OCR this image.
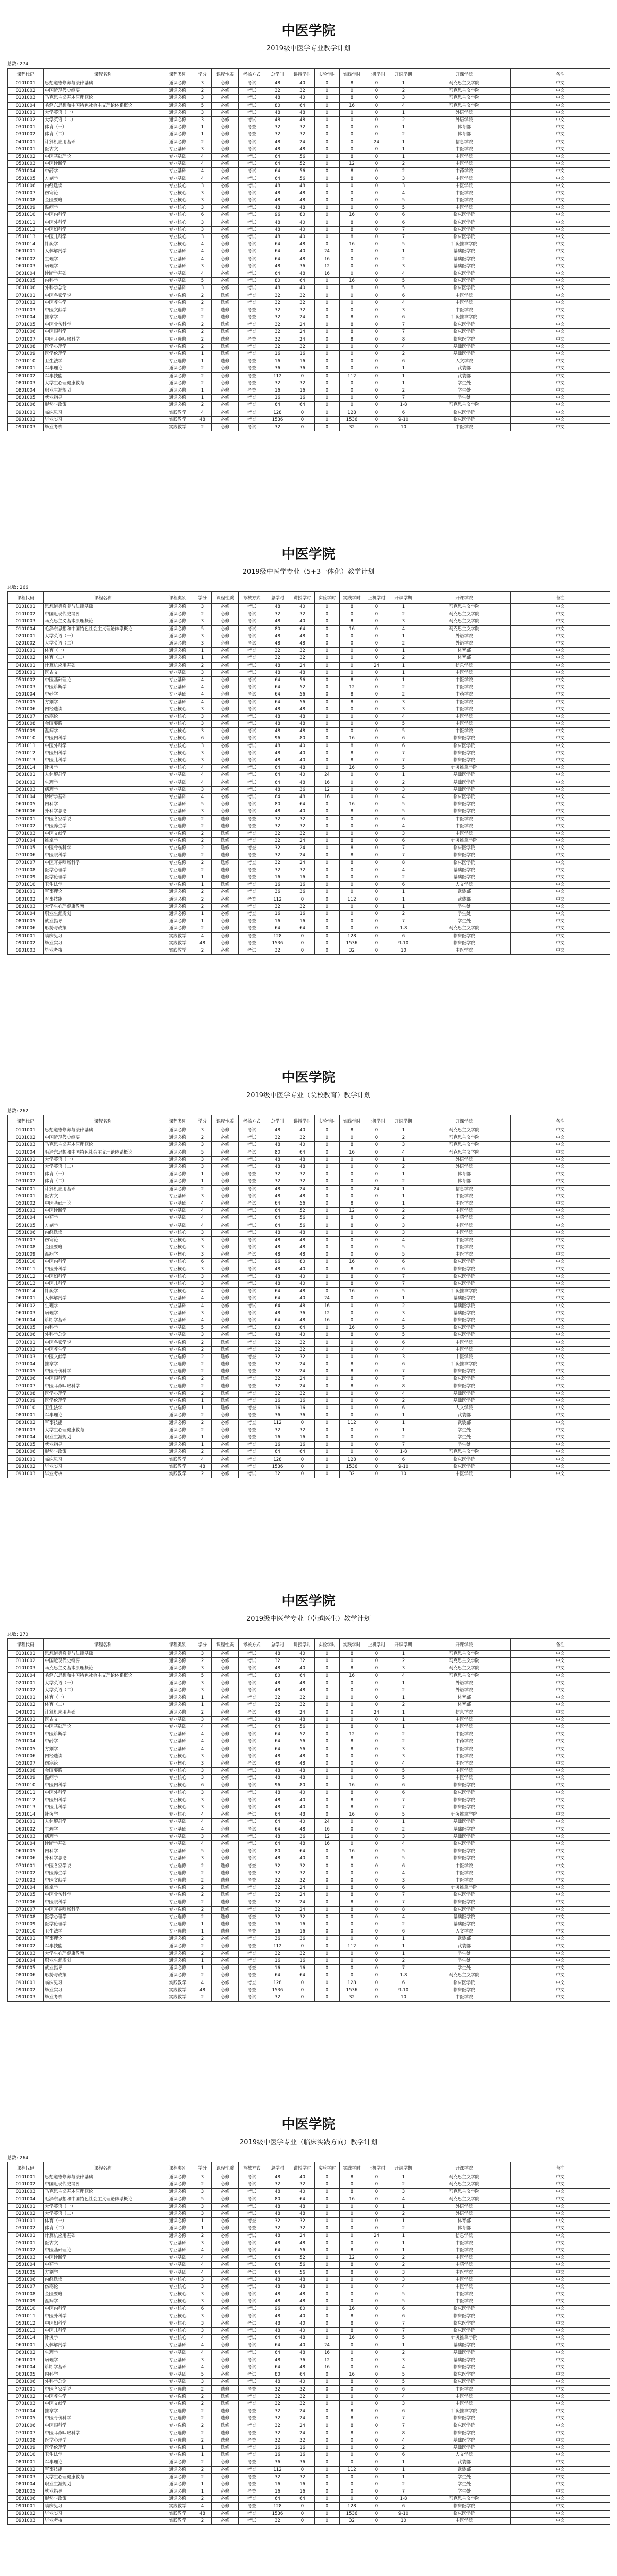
中医学院
2019级中医学专业教学计划
总数: 274
课程代码	课程名称	课程类别	学分	课程性质	考核方式	总学时	讲授学时	实验学时	实践学时	上机学时	开课学期	开课学院	备注
0101001	思想道德修养与法律基础	通识必修	3	必修	考试	48	40	0	8	0	1	马克思主义学院	中文
0101002	中国近现代史纲要	通识必修	2	必修	考试	32	32	0	0	0	2	马克思主义学院	中文
0101003	马克思主义基本原理概论	通识必修	3	必修	考试	48	40	0	8	0	3	马克思主义学院	中文
0101004	毛泽东思想和中国特色社会主义理论体系概论	通识必修	5	必修	考试	80	64	0	16	0	4	马克思主义学院	中文
0201001	大学英语（一）	通识必修	3	必修	考试	48	48	0	0	0	1	外语学院	中文
0201002	大学英语（二）	通识必修	3	必修	考试	48	48	0	0	0	2	外语学院	中文
0301001	体育（一）	通识必修	1	必修	考查	32	32	0	0	0	1	体育部	中文
0301002	体育（二）	通识必修	1	必修	考查	32	32	0	0	0	2	体育部	中文
0401001	计算机应用基础	通识必修	2	必修	考试	48	24	0	0	24	1	信息学院	中文
0501001	医古文	专业基础	3	必修	考试	48	48	0	0	0	1	中医学院	中文
0501002	中医基础理论	专业基础	4	必修	考试	64	56	0	8	0	1	中医学院	中文
0501003	中医诊断学	专业基础	4	必修	考试	64	52	0	12	0	2	中医学院	中文
0501004	中药学	专业基础	4	必修	考试	64	56	0	8	0	2	中药学院	中文
0501005	方剂学	专业基础	4	必修	考试	64	56	0	8	0	3	中医学院	中文
0501006	内经选读	专业核心	3	必修	考试	48	48	0	0	0	3	中医学院	中文
0501007	伤寒论	专业核心	3	必修	考试	48	48	0	0	0	4	中医学院	中文
0501008	金匮要略	专业核心	3	必修	考试	48	48	0	0	0	5	中医学院	中文
0501009	温病学	专业核心	3	必修	考试	48	48	0	0	0	5	中医学院	中文
0501010	中医内科学	专业核心	6	必修	考试	96	80	0	16	0	6	临床医学院	中文
0501011	中医外科学	专业核心	3	必修	考试	48	40	0	8	0	6	临床医学院	中文
0501012	中医妇科学	专业核心	3	必修	考试	48	40	0	8	0	7	临床医学院	中文
0501013	中医儿科学	专业核心	3	必修	考试	48	40	0	8	0	7	临床医学院	中文
0501014	针灸学	专业核心	4	必修	考试	64	48	0	16	0	5	针灸推拿学院	中文
0601001	人体解剖学	专业基础	4	必修	考试	64	40	24	0	0	1	基础医学院	中文
0601002	生理学	专业基础	4	必修	考试	64	48	16	0	0	2	基础医学院	中文
0601003	病理学	专业基础	3	必修	考试	48	36	12	0	0	3	基础医学院	中文
0601004	诊断学基础	专业基础	4	必修	考试	64	48	16	0	0	4	临床医学院	中文
0601005	内科学	专业基础	5	必修	考试	80	64	0	16	0	5	临床医学院	中文
0601006	外科学总论	专业基础	3	必修	考试	48	40	0	8	0	5	临床医学院	中文
0701001	中医各家学说	专业选修	2	选修	考查	32	32	0	0	0	6	中医学院	中文
0701002	中医养生学	专业选修	2	选修	考查	32	32	0	0	0	4	中医学院	中文
0701003	中医文献学	专业选修	2	选修	考查	32	32	0	0	0	3	中医学院	中文
0701004	推拿学	专业选修	2	选修	考查	32	24	0	8	0	6	针灸推拿学院	中文
0701005	中医骨伤科学	专业选修	2	选修	考查	32	24	0	8	0	7	临床医学院	中文
0701006	中医眼科学	专业选修	2	选修	考查	32	24	0	8	0	7	临床医学院	中文
0701007	中医耳鼻咽喉科学	专业选修	2	选修	考查	32	24	0	8	0	8	临床医学院	中文
0701008	医学心理学	专业选修	2	选修	考查	32	32	0	0	0	4	基础医学院	中文
0701009	医学伦理学	专业选修	1	选修	考查	16	16	0	0	0	2	基础医学院	中文
0701010	卫生法学	专业选修	1	选修	考查	16	16	0	0	0	6	人文学院	中文
0801001	军事理论	通识必修	2	必修	考查	36	36	0	0	0	1	武装部	中文
0801002	军事技能	通识必修	2	必修	考查	112	0	0	112	0	1	武装部	中文
0801003	大学生心理健康教育	通识必修	2	必修	考查	32	32	0	0	0	1	学生处	中文
0801004	职业生涯规划	通识必修	1	必修	考查	16	16	0	0	0	2	学生处	中文
0801005	就业指导	通识必修	1	必修	考查	16	16	0	0	0	7	学生处	中文
0801006	形势与政策	通识必修	2	必修	考查	64	64	0	0	0	1-8	马克思主义学院	中文
0901001	临床见习	实践教学	4	必修	考查	128	0	0	128	0	6	临床医学院	中文
0901002	毕业实习	实践教学	48	必修	考查	1536	0	0	1536	0	9-10	临床医学院	中文
0901003	毕业考核	实践教学	2	必修	考试	32	0	0	32	0	10	中医学院	中文
中医学院
2019级中医学专业（5+3一体化）教学计划
总数: 266
课程代码	课程名称	课程类别	学分	课程性质	考核方式	总学时	讲授学时	实验学时	实践学时	上机学时	开课学期	开课学院	备注
0101001	思想道德修养与法律基础	通识必修	3	必修	考试	48	40	0	8	0	1	马克思主义学院	中文
0101002	中国近现代史纲要	通识必修	2	必修	考试	32	32	0	0	0	2	马克思主义学院	中文
0101003	马克思主义基本原理概论	通识必修	3	必修	考试	48	40	0	8	0	3	马克思主义学院	中文
0101004	毛泽东思想和中国特色社会主义理论体系概论	通识必修	5	必修	考试	80	64	0	16	0	4	马克思主义学院	中文
0201001	大学英语（一）	通识必修	3	必修	考试	48	48	0	0	0	1	外语学院	中文
0201002	大学英语（二）	通识必修	3	必修	考试	48	48	0	0	0	2	外语学院	中文
0301001	体育（一）	通识必修	1	必修	考查	32	32	0	0	0	1	体育部	中文
0301002	体育（二）	通识必修	1	必修	考查	32	32	0	0	0	2	体育部	中文
0401001	计算机应用基础	通识必修	2	必修	考试	48	24	0	0	24	1	信息学院	中文
0501001	医古文	专业基础	3	必修	考试	48	48	0	0	0	1	中医学院	中文
0501002	中医基础理论	专业基础	4	必修	考试	64	56	0	8	0	1	中医学院	中文
0501003	中医诊断学	专业基础	4	必修	考试	64	52	0	12	0	2	中医学院	中文
0501004	中药学	专业基础	4	必修	考试	64	56	0	8	0	2	中药学院	中文
0501005	方剂学	专业基础	4	必修	考试	64	56	0	8	0	3	中医学院	中文
0501006	内经选读	专业核心	3	必修	考试	48	48	0	0	0	3	中医学院	中文
0501007	伤寒论	专业核心	3	必修	考试	48	48	0	0	0	4	中医学院	中文
0501008	金匮要略	专业核心	3	必修	考试	48	48	0	0	0	5	中医学院	中文
0501009	温病学	专业核心	3	必修	考试	48	48	0	0	0	5	中医学院	中文
0501010	中医内科学	专业核心	6	必修	考试	96	80	0	16	0	6	临床医学院	中文
0501011	中医外科学	专业核心	3	必修	考试	48	40	0	8	0	6	临床医学院	中文
0501012	中医妇科学	专业核心	3	必修	考试	48	40	0	8	0	7	临床医学院	中文
0501013	中医儿科学	专业核心	3	必修	考试	48	40	0	8	0	7	临床医学院	中文
0501014	针灸学	专业核心	4	必修	考试	64	48	0	16	0	5	针灸推拿学院	中文
0601001	人体解剖学	专业基础	4	必修	考试	64	40	24	0	0	1	基础医学院	中文
0601002	生理学	专业基础	4	必修	考试	64	48	16	0	0	2	基础医学院	中文
0601003	病理学	专业基础	3	必修	考试	48	36	12	0	0	3	基础医学院	中文
0601004	诊断学基础	专业基础	4	必修	考试	64	48	16	0	0	4	临床医学院	中文
0601005	内科学	专业基础	5	必修	考试	80	64	0	16	0	5	临床医学院	中文
0601006	外科学总论	专业基础	3	必修	考试	48	40	0	8	0	5	临床医学院	中文
0701001	中医各家学说	专业选修	2	选修	考查	32	32	0	0	0	6	中医学院	中文
0701002	中医养生学	专业选修	2	选修	考查	32	32	0	0	0	4	中医学院	中文
0701003	中医文献学	专业选修	2	选修	考查	32	32	0	0	0	3	中医学院	中文
0701004	推拿学	专业选修	2	选修	考查	32	24	0	8	0	6	针灸推拿学院	中文
0701005	中医骨伤科学	专业选修	2	选修	考查	32	24	0	8	0	7	临床医学院	中文
0701006	中医眼科学	专业选修	2	选修	考查	32	24	0	8	0	7	临床医学院	中文
0701007	中医耳鼻咽喉科学	专业选修	2	选修	考查	32	24	0	8	0	8	临床医学院	中文
0701008	医学心理学	专业选修	2	选修	考查	32	32	0	0	0	4	基础医学院	中文
0701009	医学伦理学	专业选修	1	选修	考查	16	16	0	0	0	2	基础医学院	中文
0701010	卫生法学	专业选修	1	选修	考查	16	16	0	0	0	6	人文学院	中文
0801001	军事理论	通识必修	2	必修	考查	36	36	0	0	0	1	武装部	中文
0801002	军事技能	通识必修	2	必修	考查	112	0	0	112	0	1	武装部	中文
0801003	大学生心理健康教育	通识必修	2	必修	考查	32	32	0	0	0	1	学生处	中文
0801004	职业生涯规划	通识必修	1	必修	考查	16	16	0	0	0	2	学生处	中文
0801005	就业指导	通识必修	1	必修	考查	16	16	0	0	0	7	学生处	中文
0801006	形势与政策	通识必修	2	必修	考查	64	64	0	0	0	1-8	马克思主义学院	中文
0901001	临床见习	实践教学	4	必修	考查	128	0	0	128	0	6	临床医学院	中文
0901002	毕业实习	实践教学	48	必修	考查	1536	0	0	1536	0	9-10	临床医学院	中文
0901003	毕业考核	实践教学	2	必修	考试	32	0	0	32	0	10	中医学院	中文
中医学院
2019级中医学专业（院校教育）教学计划
总数: 262
课程代码	课程名称	课程类别	学分	课程性质	考核方式	总学时	讲授学时	实验学时	实践学时	上机学时	开课学期	开课学院	备注
0101001	思想道德修养与法律基础	通识必修	3	必修	考试	48	40	0	8	0	1	马克思主义学院	中文
0101002	中国近现代史纲要	通识必修	2	必修	考试	32	32	0	0	0	2	马克思主义学院	中文
0101003	马克思主义基本原理概论	通识必修	3	必修	考试	48	40	0	8	0	3	马克思主义学院	中文
0101004	毛泽东思想和中国特色社会主义理论体系概论	通识必修	5	必修	考试	80	64	0	16	0	4	马克思主义学院	中文
0201001	大学英语（一）	通识必修	3	必修	考试	48	48	0	0	0	1	外语学院	中文
0201002	大学英语（二）	通识必修	3	必修	考试	48	48	0	0	0	2	外语学院	中文
0301001	体育（一）	通识必修	1	必修	考查	32	32	0	0	0	1	体育部	中文
0301002	体育（二）	通识必修	1	必修	考查	32	32	0	0	0	2	体育部	中文
0401001	计算机应用基础	通识必修	2	必修	考试	48	24	0	0	24	1	信息学院	中文
0501001	医古文	专业基础	3	必修	考试	48	48	0	0	0	1	中医学院	中文
0501002	中医基础理论	专业基础	4	必修	考试	64	56	0	8	0	1	中医学院	中文
0501003	中医诊断学	专业基础	4	必修	考试	64	52	0	12	0	2	中医学院	中文
0501004	中药学	专业基础	4	必修	考试	64	56	0	8	0	2	中药学院	中文
0501005	方剂学	专业基础	4	必修	考试	64	56	0	8	0	3	中医学院	中文
0501006	内经选读	专业核心	3	必修	考试	48	48	0	0	0	3	中医学院	中文
0501007	伤寒论	专业核心	3	必修	考试	48	48	0	0	0	4	中医学院	中文
0501008	金匮要略	专业核心	3	必修	考试	48	48	0	0	0	5	中医学院	中文
0501009	温病学	专业核心	3	必修	考试	48	48	0	0	0	5	中医学院	中文
0501010	中医内科学	专业核心	6	必修	考试	96	80	0	16	0	6	临床医学院	中文
0501011	中医外科学	专业核心	3	必修	考试	48	40	0	8	0	6	临床医学院	中文
0501012	中医妇科学	专业核心	3	必修	考试	48	40	0	8	0	7	临床医学院	中文
0501013	中医儿科学	专业核心	3	必修	考试	48	40	0	8	0	7	临床医学院	中文
0501014	针灸学	专业核心	4	必修	考试	64	48	0	16	0	5	针灸推拿学院	中文
0601001	人体解剖学	专业基础	4	必修	考试	64	40	24	0	0	1	基础医学院	中文
0601002	生理学	专业基础	4	必修	考试	64	48	16	0	0	2	基础医学院	中文
0601003	病理学	专业基础	3	必修	考试	48	36	12	0	0	3	基础医学院	中文
0601004	诊断学基础	专业基础	4	必修	考试	64	48	16	0	0	4	临床医学院	中文
0601005	内科学	专业基础	5	必修	考试	80	64	0	16	0	5	临床医学院	中文
0601006	外科学总论	专业基础	3	必修	考试	48	40	0	8	0	5	临床医学院	中文
0701001	中医各家学说	专业选修	2	选修	考查	32	32	0	0	0	6	中医学院	中文
0701002	中医养生学	专业选修	2	选修	考查	32	32	0	0	0	4	中医学院	中文
0701003	中医文献学	专业选修	2	选修	考查	32	32	0	0	0	3	中医学院	中文
0701004	推拿学	专业选修	2	选修	考查	32	24	0	8	0	6	针灸推拿学院	中文
0701005	中医骨伤科学	专业选修	2	选修	考查	32	24	0	8	0	7	临床医学院	中文
0701006	中医眼科学	专业选修	2	选修	考查	32	24	0	8	0	7	临床医学院	中文
0701007	中医耳鼻咽喉科学	专业选修	2	选修	考查	32	24	0	8	0	8	临床医学院	中文
0701008	医学心理学	专业选修	2	选修	考查	32	32	0	0	0	4	基础医学院	中文
0701009	医学伦理学	专业选修	1	选修	考查	16	16	0	0	0	2	基础医学院	中文
0701010	卫生法学	专业选修	1	选修	考查	16	16	0	0	0	6	人文学院	中文
0801001	军事理论	通识必修	2	必修	考查	36	36	0	0	0	1	武装部	中文
0801002	军事技能	通识必修	2	必修	考查	112	0	0	112	0	1	武装部	中文
0801003	大学生心理健康教育	通识必修	2	必修	考查	32	32	0	0	0	1	学生处	中文
0801004	职业生涯规划	通识必修	1	必修	考查	16	16	0	0	0	2	学生处	中文
0801005	就业指导	通识必修	1	必修	考查	16	16	0	0	0	7	学生处	中文
0801006	形势与政策	通识必修	2	必修	考查	64	64	0	0	0	1-8	马克思主义学院	中文
0901001	临床见习	实践教学	4	必修	考查	128	0	0	128	0	6	临床医学院	中文
0901002	毕业实习	实践教学	48	必修	考查	1536	0	0	1536	0	9-10	临床医学院	中文
0901003	毕业考核	实践教学	2	必修	考试	32	0	0	32	0	10	中医学院	中文
中医学院
2019级中医学专业（卓越医生）教学计划
总数: 270
课程代码	课程名称	课程类别	学分	课程性质	考核方式	总学时	讲授学时	实验学时	实践学时	上机学时	开课学期	开课学院	备注
0101001	思想道德修养与法律基础	通识必修	3	必修	考试	48	40	0	8	0	1	马克思主义学院	中文
0101002	中国近现代史纲要	通识必修	2	必修	考试	32	32	0	0	0	2	马克思主义学院	中文
0101003	马克思主义基本原理概论	通识必修	3	必修	考试	48	40	0	8	0	3	马克思主义学院	中文
0101004	毛泽东思想和中国特色社会主义理论体系概论	通识必修	5	必修	考试	80	64	0	16	0	4	马克思主义学院	中文
0201001	大学英语（一）	通识必修	3	必修	考试	48	48	0	0	0	1	外语学院	中文
0201002	大学英语（二）	通识必修	3	必修	考试	48	48	0	0	0	2	外语学院	中文
0301001	体育（一）	通识必修	1	必修	考查	32	32	0	0	0	1	体育部	中文
0301002	体育（二）	通识必修	1	必修	考查	32	32	0	0	0	2	体育部	中文
0401001	计算机应用基础	通识必修	2	必修	考试	48	24	0	0	24	1	信息学院	中文
0501001	医古文	专业基础	3	必修	考试	48	48	0	0	0	1	中医学院	中文
0501002	中医基础理论	专业基础	4	必修	考试	64	56	0	8	0	1	中医学院	中文
0501003	中医诊断学	专业基础	4	必修	考试	64	52	0	12	0	2	中医学院	中文
0501004	中药学	专业基础	4	必修	考试	64	56	0	8	0	2	中药学院	中文
0501005	方剂学	专业基础	4	必修	考试	64	56	0	8	0	3	中医学院	中文
0501006	内经选读	专业核心	3	必修	考试	48	48	0	0	0	3	中医学院	中文
0501007	伤寒论	专业核心	3	必修	考试	48	48	0	0	0	4	中医学院	中文
0501008	金匮要略	专业核心	3	必修	考试	48	48	0	0	0	5	中医学院	中文
0501009	温病学	专业核心	3	必修	考试	48	48	0	0	0	5	中医学院	中文
0501010	中医内科学	专业核心	6	必修	考试	96	80	0	16	0	6	临床医学院	中文
0501011	中医外科学	专业核心	3	必修	考试	48	40	0	8	0	6	临床医学院	中文
0501012	中医妇科学	专业核心	3	必修	考试	48	40	0	8	0	7	临床医学院	中文
0501013	中医儿科学	专业核心	3	必修	考试	48	40	0	8	0	7	临床医学院	中文
0501014	针灸学	专业核心	4	必修	考试	64	48	0	16	0	5	针灸推拿学院	中文
0601001	人体解剖学	专业基础	4	必修	考试	64	40	24	0	0	1	基础医学院	中文
0601002	生理学	专业基础	4	必修	考试	64	48	16	0	0	2	基础医学院	中文
0601003	病理学	专业基础	3	必修	考试	48	36	12	0	0	3	基础医学院	中文
0601004	诊断学基础	专业基础	4	必修	考试	64	48	16	0	0	4	临床医学院	中文
0601005	内科学	专业基础	5	必修	考试	80	64	0	16	0	5	临床医学院	中文
0601006	外科学总论	专业基础	3	必修	考试	48	40	0	8	0	5	临床医学院	中文
0701001	中医各家学说	专业选修	2	选修	考查	32	32	0	0	0	6	中医学院	中文
0701002	中医养生学	专业选修	2	选修	考查	32	32	0	0	0	4	中医学院	中文
0701003	中医文献学	专业选修	2	选修	考查	32	32	0	0	0	3	中医学院	中文
0701004	推拿学	专业选修	2	选修	考查	32	24	0	8	0	6	针灸推拿学院	中文
0701005	中医骨伤科学	专业选修	2	选修	考查	32	24	0	8	0	7	临床医学院	中文
0701006	中医眼科学	专业选修	2	选修	考查	32	24	0	8	0	7	临床医学院	中文
0701007	中医耳鼻咽喉科学	专业选修	2	选修	考查	32	24	0	8	0	8	临床医学院	中文
0701008	医学心理学	专业选修	2	选修	考查	32	32	0	0	0	4	基础医学院	中文
0701009	医学伦理学	专业选修	1	选修	考查	16	16	0	0	0	2	基础医学院	中文
0701010	卫生法学	专业选修	1	选修	考查	16	16	0	0	0	6	人文学院	中文
0801001	军事理论	通识必修	2	必修	考查	36	36	0	0	0	1	武装部	中文
0801002	军事技能	通识必修	2	必修	考查	112	0	0	112	0	1	武装部	中文
0801003	大学生心理健康教育	通识必修	2	必修	考查	32	32	0	0	0	1	学生处	中文
0801004	职业生涯规划	通识必修	1	必修	考查	16	16	0	0	0	2	学生处	中文
0801005	就业指导	通识必修	1	必修	考查	16	16	0	0	0	7	学生处	中文
0801006	形势与政策	通识必修	2	必修	考查	64	64	0	0	0	1-8	马克思主义学院	中文
0901001	临床见习	实践教学	4	必修	考查	128	0	0	128	0	6	临床医学院	中文
0901002	毕业实习	实践教学	48	必修	考查	1536	0	0	1536	0	9-10	临床医学院	中文
0901003	毕业考核	实践教学	2	必修	考试	32	0	0	32	0	10	中医学院	中文
中医学院
2019级中医学专业（临床实践方向）教学计划
总数: 264
课程代码	课程名称	课程类别	学分	课程性质	考核方式	总学时	讲授学时	实验学时	实践学时	上机学时	开课学期	开课学院	备注
0101001	思想道德修养与法律基础	通识必修	3	必修	考试	48	40	0	8	0	1	马克思主义学院	中文
0101002	中国近现代史纲要	通识必修	2	必修	考试	32	32	0	0	0	2	马克思主义学院	中文
0101003	马克思主义基本原理概论	通识必修	3	必修	考试	48	40	0	8	0	3	马克思主义学院	中文
0101004	毛泽东思想和中国特色社会主义理论体系概论	通识必修	5	必修	考试	80	64	0	16	0	4	马克思主义学院	中文
0201001	大学英语（一）	通识必修	3	必修	考试	48	48	0	0	0	1	外语学院	中文
0201002	大学英语（二）	通识必修	3	必修	考试	48	48	0	0	0	2	外语学院	中文
0301001	体育（一）	通识必修	1	必修	考查	32	32	0	0	0	1	体育部	中文
0301002	体育（二）	通识必修	1	必修	考查	32	32	0	0	0	2	体育部	中文
0401001	计算机应用基础	通识必修	2	必修	考试	48	24	0	0	24	1	信息学院	中文
0501001	医古文	专业基础	3	必修	考试	48	48	0	0	0	1	中医学院	中文
0501002	中医基础理论	专业基础	4	必修	考试	64	56	0	8	0	1	中医学院	中文
0501003	中医诊断学	专业基础	4	必修	考试	64	52	0	12	0	2	中医学院	中文
0501004	中药学	专业基础	4	必修	考试	64	56	0	8	0	2	中药学院	中文
0501005	方剂学	专业基础	4	必修	考试	64	56	0	8	0	3	中医学院	中文
0501006	内经选读	专业核心	3	必修	考试	48	48	0	0	0	3	中医学院	中文
0501007	伤寒论	专业核心	3	必修	考试	48	48	0	0	0	4	中医学院	中文
0501008	金匮要略	专业核心	3	必修	考试	48	48	0	0	0	5	中医学院	中文
0501009	温病学	专业核心	3	必修	考试	48	48	0	0	0	5	中医学院	中文
0501010	中医内科学	专业核心	6	必修	考试	96	80	0	16	0	6	临床医学院	中文
0501011	中医外科学	专业核心	3	必修	考试	48	40	0	8	0	6	临床医学院	中文
0501012	中医妇科学	专业核心	3	必修	考试	48	40	0	8	0	7	临床医学院	中文
0501013	中医儿科学	专业核心	3	必修	考试	48	40	0	8	0	7	临床医学院	中文
0501014	针灸学	专业核心	4	必修	考试	64	48	0	16	0	5	针灸推拿学院	中文
0601001	人体解剖学	专业基础	4	必修	考试	64	40	24	0	0	1	基础医学院	中文
0601002	生理学	专业基础	4	必修	考试	64	48	16	0	0	2	基础医学院	中文
0601003	病理学	专业基础	3	必修	考试	48	36	12	0	0	3	基础医学院	中文
0601004	诊断学基础	专业基础	4	必修	考试	64	48	16	0	0	4	临床医学院	中文
0601005	内科学	专业基础	5	必修	考试	80	64	0	16	0	5	临床医学院	中文
0601006	外科学总论	专业基础	3	必修	考试	48	40	0	8	0	5	临床医学院	中文
0701001	中医各家学说	专业选修	2	选修	考查	32	32	0	0	0	6	中医学院	中文
0701002	中医养生学	专业选修	2	选修	考查	32	32	0	0	0	4	中医学院	中文
0701003	中医文献学	专业选修	2	选修	考查	32	32	0	0	0	3	中医学院	中文
0701004	推拿学	专业选修	2	选修	考查	32	24	0	8	0	6	针灸推拿学院	中文
0701005	中医骨伤科学	专业选修	2	选修	考查	32	24	0	8	0	7	临床医学院	中文
0701006	中医眼科学	专业选修	2	选修	考查	32	24	0	8	0	7	临床医学院	中文
0701007	中医耳鼻咽喉科学	专业选修	2	选修	考查	32	24	0	8	0	8	临床医学院	中文
0701008	医学心理学	专业选修	2	选修	考查	32	32	0	0	0	4	基础医学院	中文
0701009	医学伦理学	专业选修	1	选修	考查	16	16	0	0	0	2	基础医学院	中文
0701010	卫生法学	专业选修	1	选修	考查	16	16	0	0	0	6	人文学院	中文
0801001	军事理论	通识必修	2	必修	考查	36	36	0	0	0	1	武装部	中文
0801002	军事技能	通识必修	2	必修	考查	112	0	0	112	0	1	武装部	中文
0801003	大学生心理健康教育	通识必修	2	必修	考查	32	32	0	0	0	1	学生处	中文
0801004	职业生涯规划	通识必修	1	必修	考查	16	16	0	0	0	2	学生处	中文
0801005	就业指导	通识必修	1	必修	考查	16	16	0	0	0	7	学生处	中文
0801006	形势与政策	通识必修	2	必修	考查	64	64	0	0	0	1-8	马克思主义学院	中文
0901001	临床见习	实践教学	4	必修	考查	128	0	0	128	0	6	临床医学院	中文
0901002	毕业实习	实践教学	48	必修	考查	1536	0	0	1536	0	9-10	临床医学院	中文
0901003	毕业考核	实践教学	2	必修	考试	32	0	0	32	0	10	中医学院	中文
